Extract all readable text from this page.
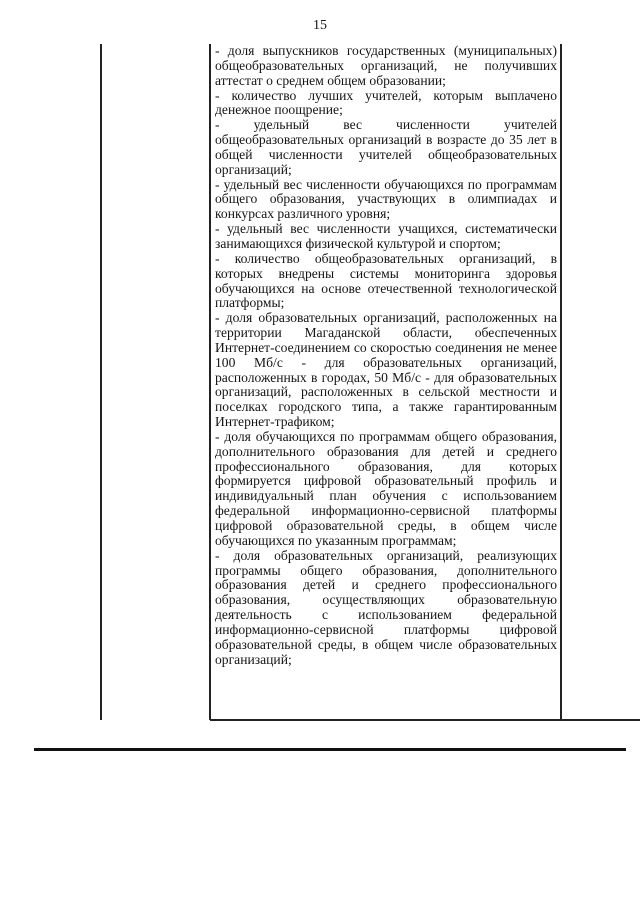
15
- доля выпускников государственных (муниципальных) общеобразовательных организаций, не получивших аттестат о среднем общем образовании;
- количество лучших учителей, которым выплачено денежное поощрение;
- удельный вес численности учителей общеобразовательных организаций в возрасте до 35 лет в общей численности учителей общеобразовательных организаций;
- удельный вес численности обучающихся по программам общего образования, участвующих в олимпиадах и конкурсах различного уровня;
- удельный вес численности учащихся, систематически занимающихся физической культурой и спортом;
- количество общеобразовательных организаций, в которых внедрены системы мониторинга здоровья обучающихся на основе отечественной технологической платформы;
- доля образовательных организаций, расположенных на территории Магаданской области, обеспеченных Интернет-соединением со скоростью соединения не менее 100 Мб/с - для образовательных организаций, расположенных в городах, 50 Мб/с - для образовательных организаций, расположенных в сельской местности и поселках городского типа, а также гарантированным Интернет-трафиком;
- доля обучающихся по программам общего образования, дополнительного образования для детей и среднего профессионального образования, для которых формируется цифровой образовательный профиль и индивидуальный план обучения с использованием федеральной информационно-сервисной платформы цифровой образовательной среды, в общем числе обучающихся по указанным программам;
- доля образовательных организаций, реализующих программы общего образования, дополнительного образования детей и среднего профессионального образования, осуществляющих образовательную деятельность с использованием федеральной информационно-сервисной платформы цифровой образовательной среды, в общем числе образовательных организаций;
